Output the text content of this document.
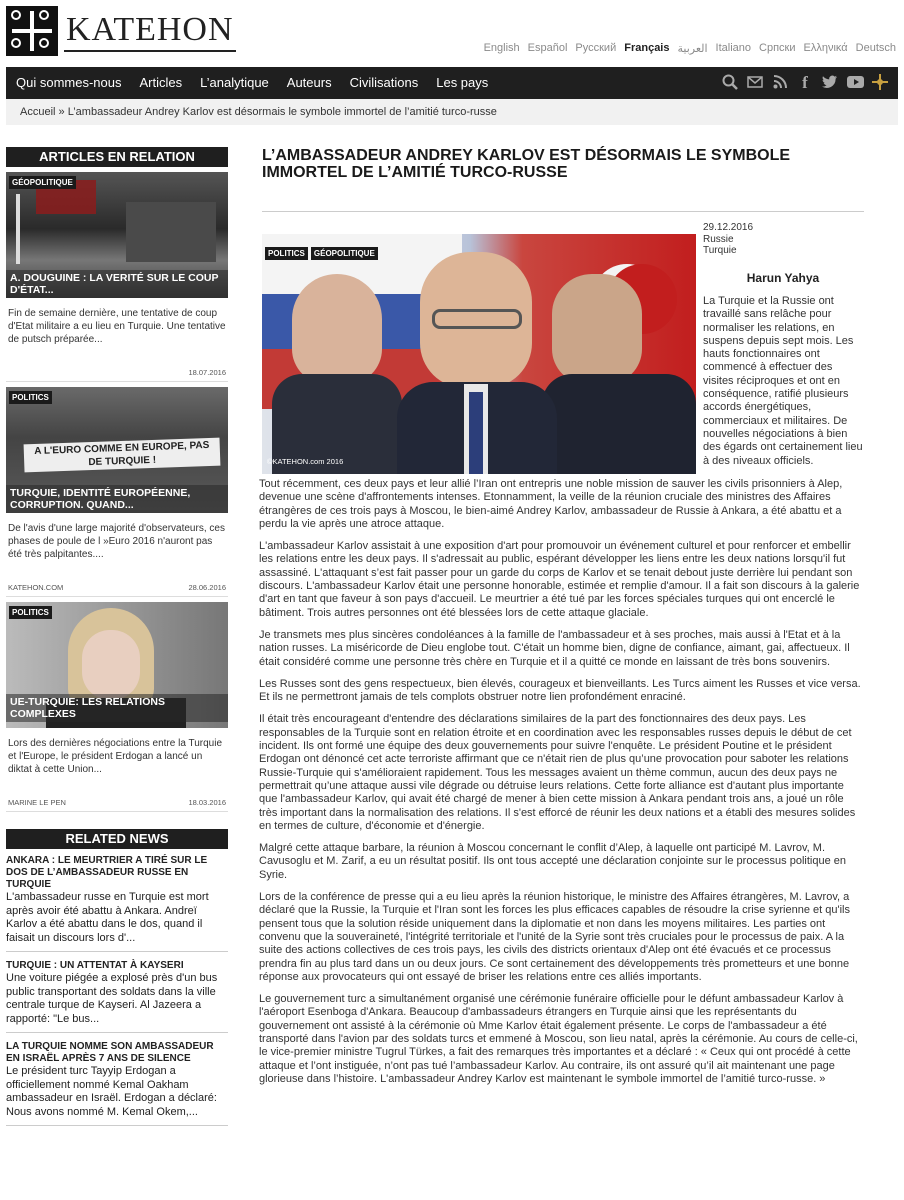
KATEHON	English Español Русский Français العربية Italiano Српски Ελληνικά Deutsch
Qui sommes-nous	Articles	L’analytique	Auteurs	Civilisations	Les pays	f
Accueil » L’ambassadeur Andrey Karlov est désormais le symbole immortel de l’amitié turco-russe
ARTICLES EN RELATION
GÉOPOLITIQUE
A. DOUGUINE : LA VERITÉ SUR LE COUP D'ÉTAT...
Fin de semaine dernière, une tentative de coup d'Etat militaire a eu lieu en Turquie. Une tentative de putsch préparée...
18.07.2016
A L'EURO COMME EN EUROPE, PAS DE TURQUIE !
POLITICS
TURQUIE, IDENTITÉ EUROPÉENNE, CORRUPTION. QUAND...
De l'avis d'une large majorité d'observateurs, ces phases de poule de l »Euro 2016 n'auront pas été très palpitantes....
KATEHON.COM	28.06.2016
POLITICS
UE-TURQUIE: LES RELATIONS COMPLEXES
Lors des dernières négociations entre la Turquie et l'Europe, le président Erdogan a lancé un diktat à cette Union...
MARINE LE PEN	18.03.2016
RELATED NEWS
ANKARA : LE MEURTRIER A TIRÉ SUR LE DOS DE L’AMBASSADEUR RUSSE EN TURQUIE
L'ambassadeur russe en Turquie est mort après avoir été abattu à Ankara. Andreï Karlov a été abattu dans le dos, quand il faisait un discours lors d'...
TURQUIE : UN ATTENTAT À KAYSERI
Une voiture piégée a explosé près d'un bus public transportant des soldats dans la ville centrale turque de Kayseri. Al Jazeera a rapporté: "Le bus...
LA TURQUIE NOMME SON AMBASSADEUR EN ISRAËL APRÈS 7 ANS DE SILENCE
Le président turc Tayyip Erdogan a officiellement nommé Kemal Oakham ambassadeur en Israël. Erdogan a déclaré: Nous avons nommé M. Kemal Okem,...
L’AMBASSADEUR ANDREY KARLOV EST DÉSORMAIS LE SYMBOLE IMMORTEL DE L’AMITIÉ TURCO-RUSSE
POLITICS	GÉOPOLITIQUE
©KATEHON.com 2016
29.12.2016
Russie
Turquie
Harun Yahya
La Turquie et la Russie ont travaillé sans relâche pour normaliser les relations, en suspens depuis sept mois. Les hauts fonctionnaires ont commencé à effectuer des visites réciproques et ont en conséquence, ratifié plusieurs accords énergétiques, commerciaux et militaires. De nouvelles négociations à bien des égards ont certainement lieu à des niveaux officiels.

Tout récemment, ces deux pays et leur allié l’Iran ont entrepris une noble mission de sauver les civils prisonniers à Alep, devenue une scène d'affrontements intenses. Etonnamment, la veille de la réunion cruciale des ministres des Affaires étrangères de ces trois pays à Moscou, le bien-aimé Andrey Karlov, ambassadeur de Russie à Ankara, a été abattu et a perdu la vie après une atroce attaque.

L'ambassadeur Karlov assistait à une exposition d'art pour promouvoir un événement culturel et pour renforcer et embellir les relations entre les deux pays. Il s'adressait au public, espérant développer les liens entre les deux nations lorsqu'il fut assassiné. L'attaquant s’est fait passer pour un garde du corps de Karlov et se tenait debout juste derrière lui pendant son discours. L'ambassadeur Karlov était une personne honorable, estimée et remplie d'amour. Il a fait son discours à la galerie d'art en tant que faveur à son pays d'accueil. Le meurtrier a été tué par les forces spéciales turques qui ont encerclé le bâtiment. Trois autres personnes ont été blessées lors de cette attaque glaciale.

Je transmets mes plus sincères condoléances à la famille de l'ambassadeur et à ses proches, mais aussi à l'Etat et à la nation russes. La miséricorde de Dieu englobe tout. C'était un homme bien, digne de confiance, aimant, gai, affectueux. Il était considéré comme une personne très chère en Turquie et il a quitté ce monde en laissant de très bons souvenirs.

Les Russes sont des gens respectueux, bien élevés, courageux et bienveillants. Les Turcs aiment les Russes et vice versa. Et ils ne permettront jamais de tels complots obstruer notre lien profondément enraciné.

Il était très encourageant d'entendre des déclarations similaires de la part des fonctionnaires des deux pays. Les responsables de la Turquie sont en relation étroite et en coordination avec les responsables russes depuis le début de cet incident. Ils ont formé une équipe des deux gouvernements pour suivre l'enquête. Le président Poutine et le président Erdogan ont dénoncé cet acte terroriste affirmant que ce n'était rien de plus qu’une provocation pour saboter les relations Russie-Turquie qui s'amélioraient rapidement. Tous les messages avaient un thème commun, aucun des deux pays ne permettrait qu’une attaque aussi vile dégrade ou détruise leurs relations. Cette forte alliance est d'autant plus importante que l'ambassadeur Karlov, qui avait été chargé de mener à bien cette mission à Ankara pendant trois ans, a joué un rôle très important dans la normalisation des relations. Il s'est efforcé de réunir les deux nations et a établi des mesures solides en termes de culture, d'économie et d'énergie.

Malgré cette attaque barbare, la réunion à Moscou concernant le conflit d’Alep, à laquelle ont participé M. Lavrov, M. Cavusoglu et M. Zarif, a eu un résultat positif. Ils ont tous accepté une déclaration conjointe sur le processus politique en Syrie.

Lors de la conférence de presse qui a eu lieu après la réunion historique, le ministre des Affaires étrangères, M. Lavrov, a déclaré que la Russie, la Turquie et l'Iran sont les forces les plus efficaces capables de résoudre la crise syrienne et qu'ils pensent tous que la solution réside uniquement dans la diplomatie et non dans les moyens militaires. Les parties ont convenu que la souveraineté, l'intégrité territoriale et l'unité de la Syrie sont très cruciales pour le processus de paix. A la suite des actions collectives de ces trois pays, les civils des districts orientaux d'Alep ont été évacués et ce processus prendra fin au plus tard dans un ou deux jours. Ce sont certainement des développements très prometteurs et une bonne réponse aux provocateurs qui ont essayé de briser les relations entre ces alliés importants.

Le gouvernement turc a simultanément organisé une cérémonie funéraire officielle pour le défunt ambassadeur Karlov à l'aéroport Esenboga d'Ankara. Beaucoup d'ambassadeurs étrangers en Turquie ainsi que les représentants du gouvernement ont assisté à la cérémonie où Mme Karlov était également présente. Le corps de l'ambassadeur a été transporté dans l'avion par des soldats turcs et emmené à Moscou, son lieu natal, après la cérémonie. Au cours de celle-ci, le vice-premier ministre Tugrul Türkes, a fait des remarques très importantes et a déclaré : « Ceux qui ont procédé à cette attaque et l’ont instiguée, n’ont pas tué l’ambassadeur Karlov. Au contraire, ils ont assuré qu’il ait maintenant une page glorieuse dans l’histoire. L'ambassadeur Andrey Karlov est maintenant le symbole immortel de l’amitié turco-russe. »
